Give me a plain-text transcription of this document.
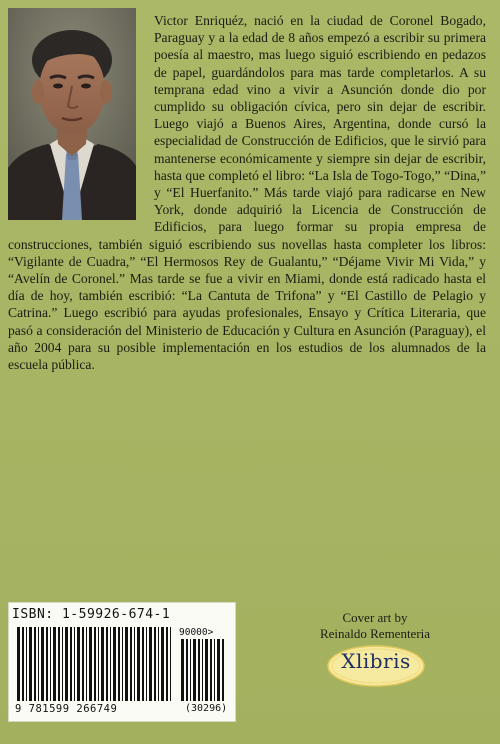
Victor Enriquéz, nació en la ciudad de Coronel Bogado, Paraguay y a la edad de 8 años empezó a escribir su primera poesía al maestro, mas luego siguió escribiendo en pedazos de papel, guardándolos para mas tarde completarlos. A su temprana edad vino a vivir a Asunción donde dio por cumplido su obligación cívica, pero sin dejar de escribir. Luego viajó a Buenos Aires, Argentina, donde cursó la especialidad de Construcción de Edificios, que le sirvió para mantenerse económicamente y siempre sin dejar de escribir, hasta que completó el libro: “La Isla de Togo-Togo,” “Dina,” y “El Huerfanito.” Más tarde viajó para radicarse en New York, donde adquirió la Licencia de Construcción de Edificios, para luego formar su propia empresa de construcciones, también siguió escribiendo sus novellas hasta completer los libros: “Vigilante de Cuadra,” “El Hermosos Rey de Gualantu,” “Déjame Vivir Mi Vida,” y “Avelín de Coronel.” Mas tarde se fue a vivir en Miami, donde está radicado hasta el día de hoy, también escribió: “La Cantuta de Trifona” y “El Castillo de Pelagio y Catrina.” Luego escribió para ayudas profesionales, Ensayo y Crítica Literaria, que pasó a consideración del Ministerio de Educación y Cultura en Asunción (Paraguay), el año 2004 para su posible implementación en los estudios de los alumnados de la escuela pública.

ISBN: 1-59926-674-1
90000>
9 781599 266749	(30296)
Cover art by
Reinaldo Rementeria
Xlibris
